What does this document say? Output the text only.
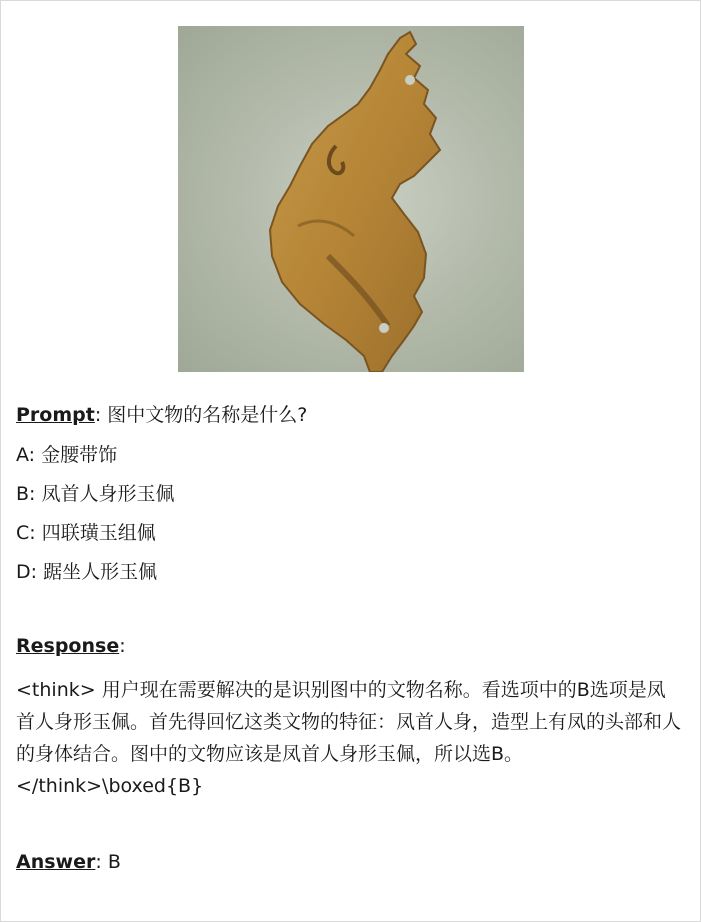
Prompt: 图中文物的名称是什么?
A: 金腰带饰
B: 凤首人身形玉佩
C: 四联璜玉组佩
D: 踞坐人形玉佩
Response:
<think> 用户现在需要解决的是识别图中的文物名称。看选项中的B选项是凤首人身形玉佩。首先得回忆这类文物的特征：凤首人身，造型上有凤的头部和人的身体结合。图中的文物应该是凤首人身形玉佩，所以选B。</think>\boxed{B}
Answer: B
